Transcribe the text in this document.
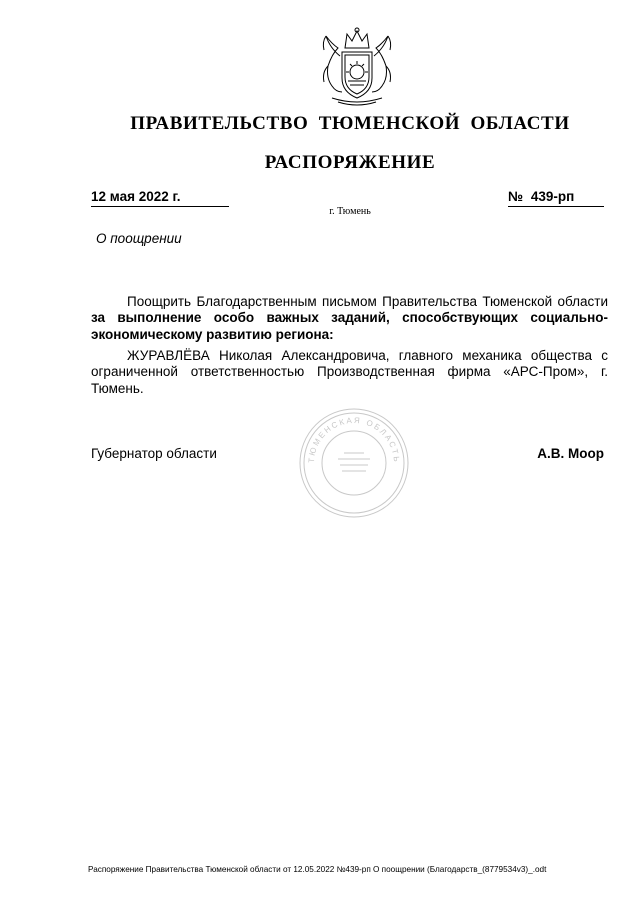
ПРАВИТЕЛЬСТВО ТЮМЕНСКОЙ ОБЛАСТИ
РАСПОРЯЖЕНИЕ
12 мая 2022 г.	№ 439-рп
г. Тюмень
О поощрении
Поощрить Благодарственным письмом Правительства Тюменской области за выполнение особо важных заданий, способствующих социально-экономическому развитию региона:
ЖУРАВЛЁВА Николая Александровича, главного механика общества с ограниченной ответственностью Производственная фирма «АРС-Пром», г. Тюмень.
ТЮМЕНСКАЯ ОБЛАСТЬ
Губернатор области	А.В. Моор
Распоряжение Правительства Тюменской области от 12.05.2022 №439-рп О поощрении (Благодарств_(8779534v3)_.odt
